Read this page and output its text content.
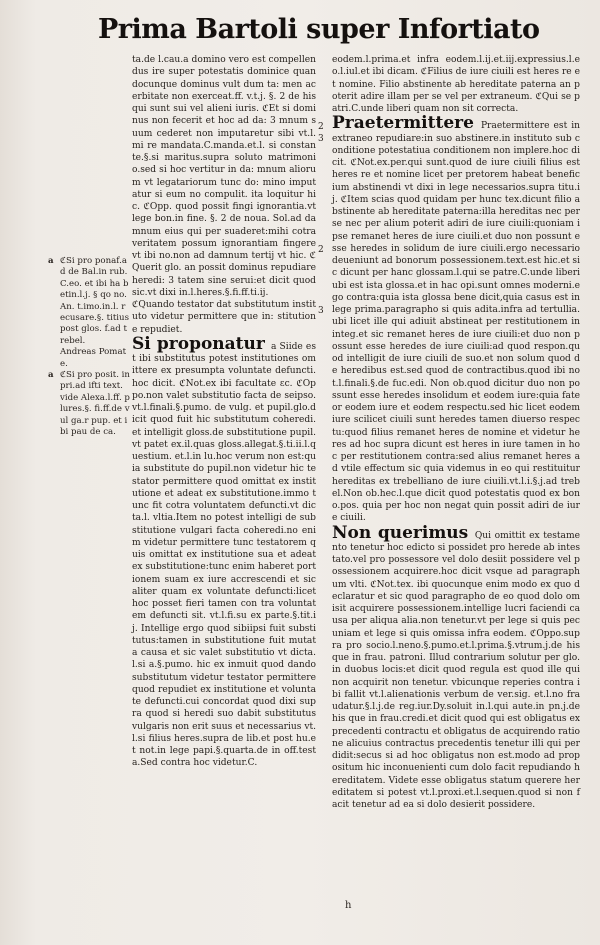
Prima Bartoli super Infortiato
a ℭSi pro ponaf.ad de Bal.in rub.C.eo. et ibi ha betin.l.j. § qo no.An. t.imo.in.l. recusare.§. titius post glos. f.ad trebel.
Andreas Pomate.
a ℭSi pro posit. in pri.ad ifti text. vide Alexa.l.ff. plures.§. fi.ff.de vul ga.r pup. et ibi pau de ca.

ta.de l.cau.a domino vero est compellendus ire super potestatis dominice quandocunque dominus vult dum ta: men acerbitate non exerceat.ff. v.t.j. §. 2 de his qui sunt sui vel alieni iuris. ℭEt si dominus non fecerit et hoc ad da: 3 mnum suum cederet non imputaretur sibi vt.l.mi re mandata.C.manda.et.l. si constante.§.si maritus.supra soluto matrimonio.sed si hoc vertitur in da: mnum aliorum vt legatariorum tunc do: mino imputatur si eum no compulit. ita loquitur hic. ℭOpp. quod possit fingi ignorantia.vt lege bon.in fine. §. 2 de noua. Sol.ad damnum eius qui per suaderet:mihi cotra veritatem possum ignorantiam fingere vt ibi no.non ad damnum tertij vt hic. ℭQuerit glo. an possit dominus repudiare heredi: 3 tatem sine serui:et dicit quod sic.vt dixi in.l.heres.§.fi.ff.ti.ij.

ℭQuando testator dat substitutum instituto videtur permittere que in: stitutione repudiet.

Si proponatur a Siide est ibi substitutus potest institutiones omittere ex presumpta voluntate defuncti. hoc dicit. ℭNot.ex ibi facultate ɛc. ℭOppo.non valet substitutio facta de seipso.vt.l.finali.§.pumo. de vulg. et pupil.glo.dicit quod fuit hic substitutum coheredi. et intelligit gloss.de substitutione pupil.vt patet ex.il.quas gloss.allegat.§.ti.ii.l.questium. et.l.in lu.hoc verum non est:quia substitute do pupil.non videtur hic testator permittere quod omittat ex institutione et adeat ex substitutione.immo tunc fit cotra voluntatem defuncti.vt dicta.l. vltia.Item no potest intelligi de substitutione vulgari facta coheredi.no enim videtur permittere tunc testatorem quis omittat ex institutione sua et adeat ex substitutione:tunc enim haberet portionem suam ex iure accrescendi et sic aliter quam ex voluntate defuncti:licet hoc posset fieri tamen con tra voluntatem defuncti sit. vt.l.fi.su ex parte.§.tit.ij. Intellige ergo quod sibiipsi fuit substitutus:tamen in substitutione fuit mutata causa et sic valet substitutio vt dicta.l.si a.§.pumo. hic ex inmuit quod dando substitutum videtur testator permittere quod repudiet ex institutione et voluntate defuncti.cui concordat quod dixi supra quod si heredi suo dabit substitutus vulgaris non erit suus et necessarius vt.l.si filius heres.supra de lib.et post hu.et not.in lege papi.§.quarta.de in off.testa.Sed contra hoc videtur.C.

2
3
2
3

eodem.l.prima.et infra eodem.l.ij.et.iij.expressius.l.eo.l.iul.et ibi dicam. ℭFilius de iure ciuili est heres re et nomine. Filio abstinente ab hereditate paterna an poterit adire illam per se vel per extraneum. ℭQui se patri.C.unde liberi quam non sit correcta.

Praetermittere Praetermittere est in extraneo repudiare:in suo abstinere.in instituto sub conditione potestatiua conditionem non implere.hoc dicit. ℭNot.ex.per.qui sunt.quod de iure ciuili filius est heres re et nomine licet per pretorem habeat beneficium abstinendi vt dixi in lege necessarios.supra titu.ij. ℭItem scias quod quidam per hunc tex.dicunt filio abstinente ab hereditate paterna:illa hereditas nec per se nec per alium poterit adiri de iure ciuili:quoniam ipse remanet heres de iure ciuili.et duo non possunt esse heredes in solidum de iure ciuili.ergo necessario deueniunt ad bonorum possessionem.text.est hic.et sic dicunt per hanc glossam.l.qui se patre.C.unde liberi ubi est ista glossa.et in hac opi.sunt omnes moderni.ego contra:quia ista glossa bene dicit,quia casus est in lege prima.paragrapho si quis adita.infra ad tertullia.ubi licet ille qui adiuit abstineat per restitutionem in integ.et sic remanet heres de iure ciuili:et duo non possunt esse heredes de iure ciuili:ad quod respon.quod intelligit de iure ciuili de suo.et non solum quod de heredibus est.sed quod de contractibus.quod ibi not.l.finali.§.de fuc.edi. Non ob.quod dicitur duo non possunt esse heredes insolidum et eodem iure:quia fateor eodem iure et eodem respectu.sed hic licet eodem iure scilicet ciuili sunt heredes tamen diuerso respectu:quod filius remanet heres de nomine et videtur heres ad hoc supra dicunt est heres in iure tamen in hoc per restitutionem contra:sed alius remanet heres ad vtile effectum sic quia videmus in eo qui restituitur hereditas ex trebelliano de iure ciuili.vt.l.i.§.j.ad trebel.Non ob.hec.l.que dicit quod potestatis quod ex bono.pos. quia per hoc non negat quin possit adiri de iure ciuili.

Non querimus Qui omittit ex testamento tenetur hoc edicto si possidet pro herede ab intestato.vel pro possessore vel dolo desiit possidere vel possessionem acquirere.hoc dicit vsque ad paragraphum vlti. ℭNot.tex. ibi quocunque enim modo ex quo declaratur et sic quod paragrapho de eo quod dolo omisit acquirere possessionem.intellige lucri faciendi causa per aliqua alia.non tenetur.vt per lege si quis pecuniam et lege si quis omissa infra eodem. ℭOppo.supra pro socio.l.neno.§.pumo.et.l.prima.§.vtrum.j.de his que in frau. patroni. Illud contrarium solutur per glo. in duobus locis:et dicit quod regula est quod ille qui non acquirit non tenetur. vbicunque reperies contra ibi fallit vt.l.alienationis verbum de ver.sig. et.l.no fraudatur.§.l.j.de reg.iur.Dy.soluit in.l.qui aute.in pn.j.de his que in frau.credi.et dicit quod qui est obligatus ex precedenti contractu et obligatus de acquirendo ratione alicuius contractus precedentis tenetur illi qui perdidit:secus si ad hoc obligatus non est.modo ad propositum hic inconuenienti cum dolo facit repudiando hereditatem. Videte esse obligatus statum querere hereditatem si potest vt.l.proxi.et.l.sequen.quod si non facit tenetur ad ea si dolo desierit possidere.

h
